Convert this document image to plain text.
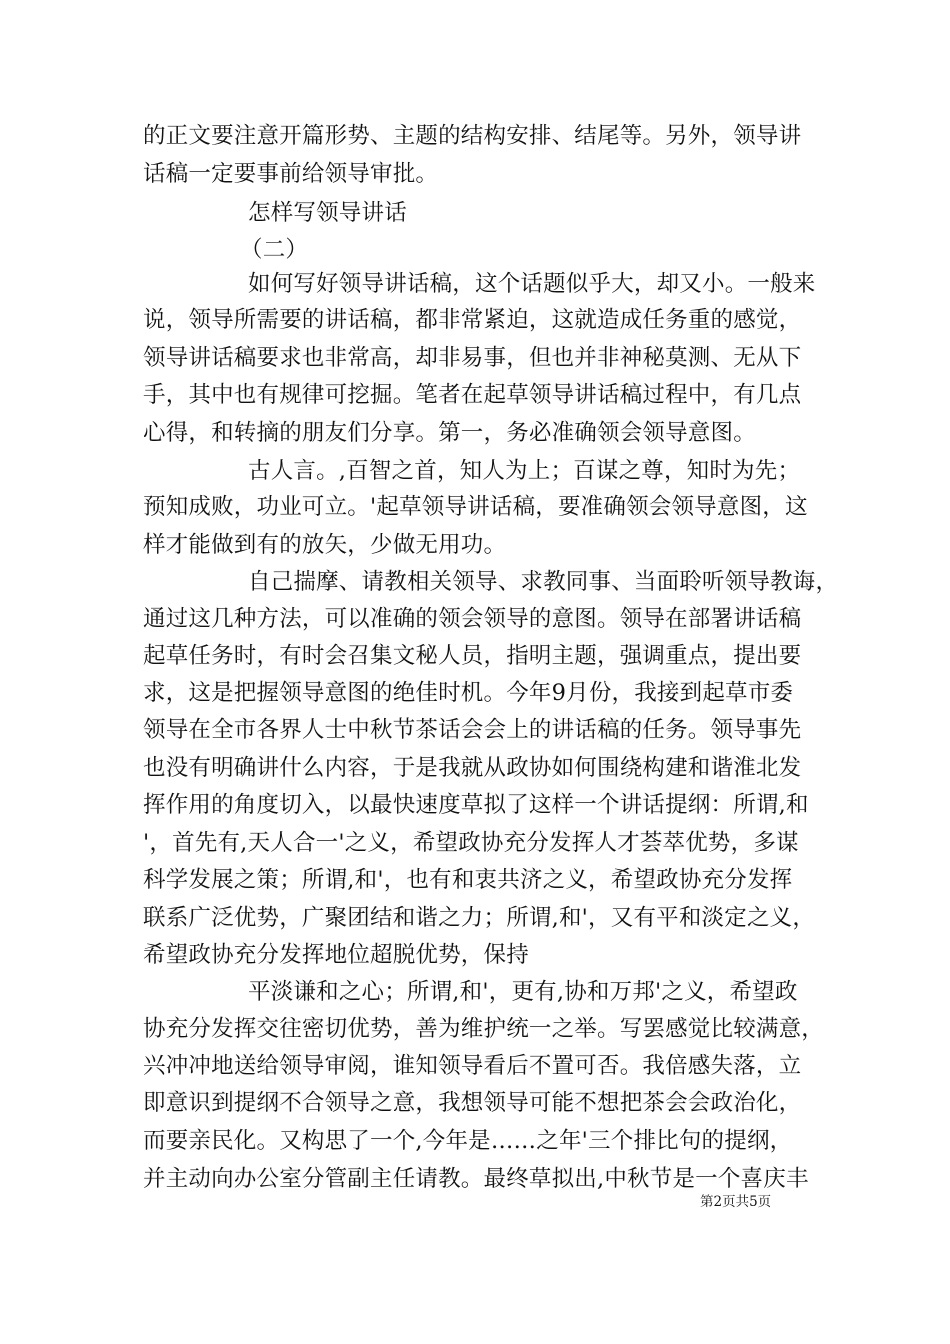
的正文要注意开篇形势、主题的结构安排、结尾等。另外，领导讲
话稿一定要事前给领导审批。
怎样写领导讲话
（二）
如何写好领导讲话稿，这个话题似乎大，却又小。一般来
说，领导所需要的讲话稿，都非常紧迫，这就造成任务重的感觉，
领导讲话稿要求也非常高，却非易事，但也并非神秘莫测、无从下
手，其中也有规律可挖掘。笔者在起草领导讲话稿过程中，有几点
心得，和转摘的朋友们分享。第一，务必准确领会领导意图。
古人言。,百智之首，知人为上；百谋之尊，知时为先；
预知成败，功业可立。'起草领导讲话稿，要准确领会领导意图，这
样才能做到有的放矢，少做无用功。
自己揣摩、请教相关领导、求教同事、当面聆听领导教诲，
通过这几种方法，可以准确的领会领导的意图。领导在部署讲话稿
起草任务时，有时会召集文秘人员，指明主题，强调重点，提出要
求，这是把握领导意图的绝佳时机。今年9月份，我接到起草市委
领导在全市各界人士中秋节茶话会会上的讲话稿的任务。领导事先
也没有明确讲什么内容，于是我就从政协如何围绕构建和谐淮北发
挥作用的角度切入，以最快速度草拟了这样一个讲话提纲：所谓,和
'，首先有,天人合一'之义，希望政协充分发挥人才荟萃优势，多谋
科学发展之策；所谓,和'，也有和衷共济之义，希望政协充分发挥
联系广泛优势，广聚团结和谐之力；所谓,和'，又有平和淡定之义，
希望政协充分发挥地位超脱优势，保持
平淡谦和之心；所谓,和'，更有,协和万邦'之义，希望政
协充分发挥交往密切优势，善为维护统一之举。写罢感觉比较满意，
兴冲冲地送给领导审阅，谁知领导看后不置可否。我倍感失落，立
即意识到提纲不合领导之意，我想领导可能不想把茶会会政治化，
而要亲民化。又构思了一个,今年是……之年'三个排比句的提纲，
并主动向办公室分管副主任请教。最终草拟出,中秋节是一个喜庆丰
第2页共5页
